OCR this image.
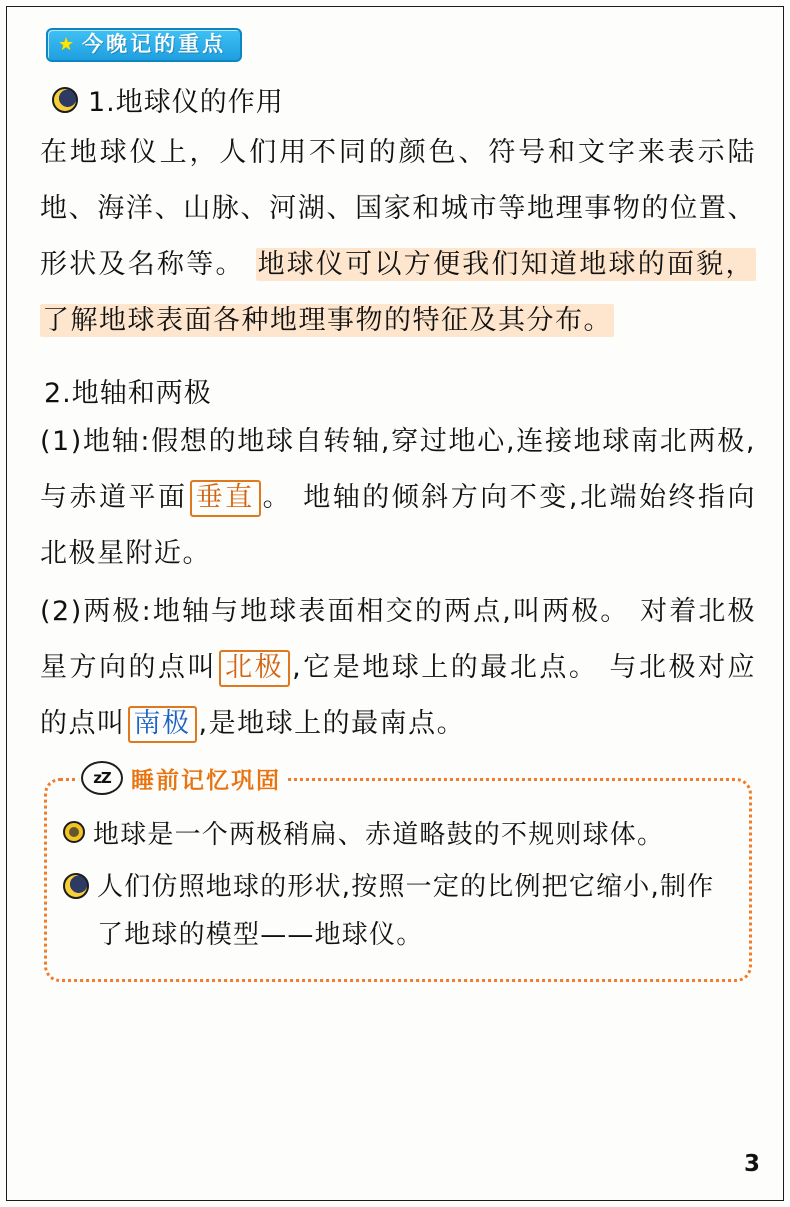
★ 今晚记的重点
1.地球仪的作用

在地球仪上，人们用不同的颜色、符号和文字来表示陆地、海洋、山脉、河湖、国家和城市等地理事物的位置、形状及名称等。 地球仪可以方便我们知道地球的面貌，了解地球表面各种地理事物的特征及其分布。

2.地轴和两极

(1)地轴:假想的地球自转轴,穿过地心,连接地球南北两极,与赤道平面 垂直 。 地轴的倾斜方向不变,北端始终指向北极星附近。

(2)两极:地轴与地球表面相交的两点,叫两极。 对着北极星方向的点叫 北极 ,它是地球上的最北点。 与北极对应的点叫 南极 ,是地球上的最南点。

zZ 睡前记忆巩固
地球是一个两极稍扁、赤道略鼓的不规则球体。
人们仿照地球的形状,按照一定的比例把它缩小,制作了地球的模型——地球仪。
3
